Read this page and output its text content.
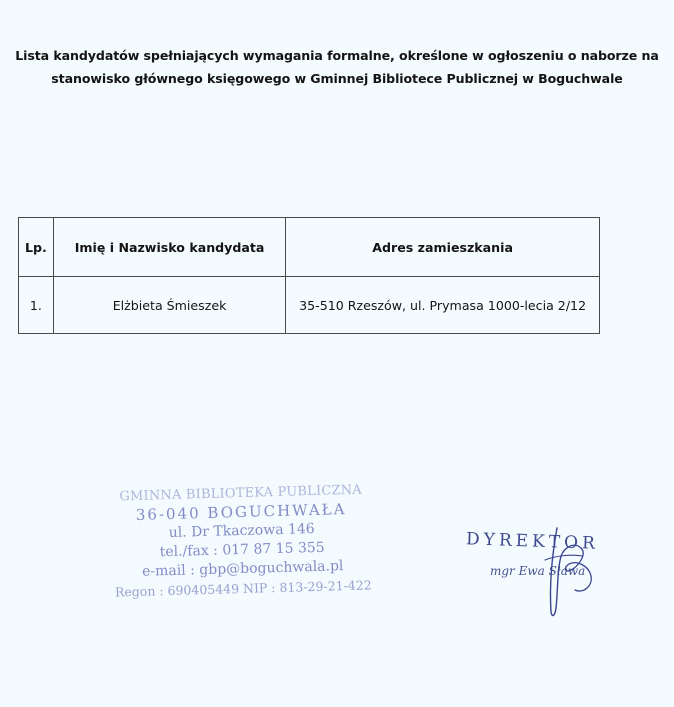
Lista kandydatów spełniających wymagania formalne, określone w ogłoszeniu o naborze na
stanowisko głównego księgowego w Gminnej Bibliotece Publicznej w Boguchwale
Lp.	Imię i Nazwisko kandydata	Adres zamieszkania
1.	Elżbieta Śmieszek	35-510 Rzeszów, ul. Prymasa 1000-lecia 2/12
GMINNA BIBLIOTEKA PUBLICZNA
36-040 BOGUCHWAŁA
ul. Dr Tkaczowa 146
tel./fax : 017 87 15 355
e-mail : gbp@boguchwala.pl
Regon : 690405449 NIP : 813-29-21-422
DYREKTOR
mgr Ewa Sława
